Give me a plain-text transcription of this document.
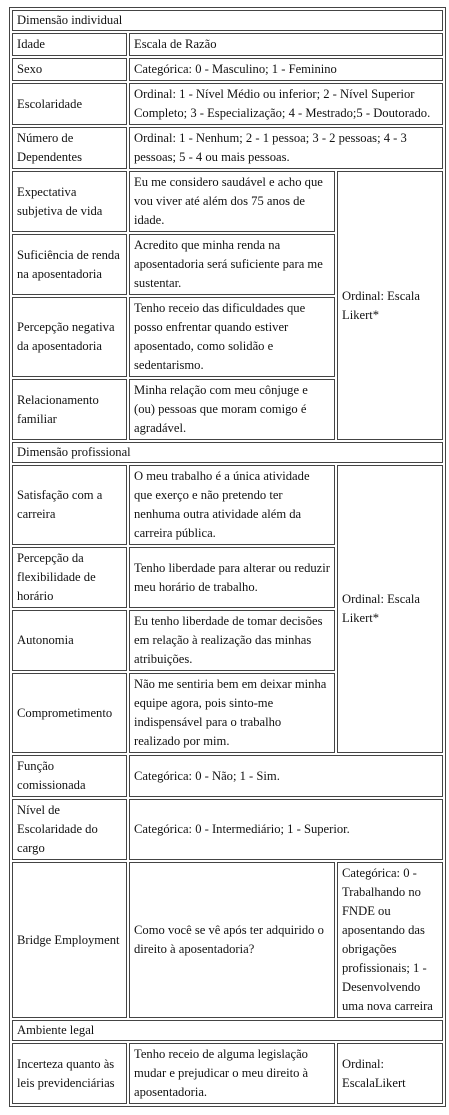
Dimensão individual		
Idade	Escala de Razão	
Sexo	Categórica: 0 - Masculino; 1 - Feminino	
Escolaridade	Ordinal: 1 - Nível Médio ou inferior; 2 - Nível Superior Completo; 3 - Especialização; 4 - Mestrado;5 - Doutorado.	
Número de Dependentes	Ordinal: 1 - Nenhum; 2 - 1 pessoa; 3 - 2 pessoas; 4 - 3 pessoas; 5 - 4 ou mais pessoas.	
Expectativa subjetiva de vida	Eu me considero saudável e acho que vou viver até além dos 75 anos de idade.	Ordinal: Escala Likert*
Suficiência de renda na aposentadoria	Acredito que minha renda na aposentadoria será suficiente para me sustentar.	
Percepção negativa da aposentadoria	Tenho receio das dificuldades que posso enfrentar quando estiver aposentado, como solidão e sedentarismo.	
Relacionamento familiar	Minha relação com meu cônjuge e (ou) pessoas que moram comigo é agradável.	
Dimensão profissional		
Satisfação com a carreira	O meu trabalho é a única atividade que exerço e não pretendo ter nenhuma outra atividade além da carreira pública.	Ordinal: Escala Likert*
Percepção da flexibilidade de horário	Tenho liberdade para alterar ou reduzir meu horário de trabalho.	
Autonomia	Eu tenho liberdade de tomar decisões em relação à realização das minhas atribuições.	
Comprometimento	Não me sentiria bem em deixar minha equipe agora, pois sinto-me indispensável para o trabalho realizado por mim.	
Função comissionada	Categórica: 0 - Não; 1 - Sim.	
Nível de Escolaridade do cargo	Categórica: 0 - Intermediário; 1 - Superior.	
Bridge Employment	Como você se vê após ter adquirido o direito à aposentadoria?	Categórica: 0 - Trabalhando no FNDE ou aposentando das obrigações profissionais; 1 - Desenvolvendo uma nova carreira
Ambiente legal		
Incerteza quanto às leis previdenciárias	Tenho receio de alguma legislação mudar e prejudicar o meu direito à aposentadoria.	Ordinal: EscalaLikert
